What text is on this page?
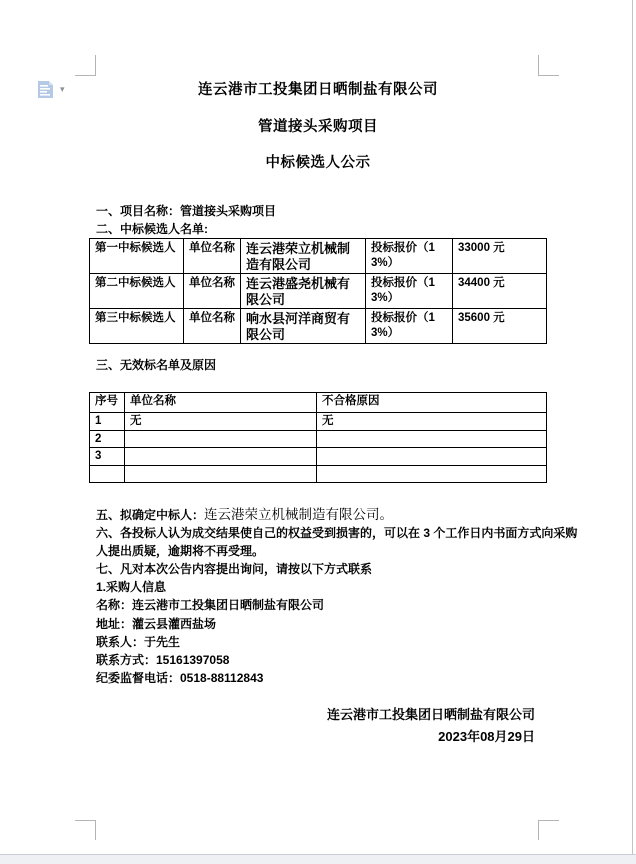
▾	连云港市工投集团日晒制盐有限公司
管道接头采购项目
中标候选人公示
一、项目名称：管道接头采购项目
二、中标候选人名单:
第一中标候选人	单位名称	连云港荣立机械制造有限公司	投标报价（13%）	33000 元
第二中标候选人	单位名称	连云港盛尧机械有限公司	投标报价（13%）	34400 元
第三中标候选人	单位名称	响水县河洋商贸有限公司	投标报价（13%）	35600 元
三、无效标名单及原因
序号	单位名称	不合格原因
1	无	无
2		
3		

五、拟确定中标人：连云港荣立机械制造有限公司。
六、各投标人认为成交结果使自己的权益受到损害的，可以在 3 个工作日内书面方式向采购
人提出质疑，逾期将不再受理。
七、凡对本次公告内容提出询问，请按以下方式联系
1.采购人信息
名称：连云港市工投集团日晒制盐有限公司
地址：灌云县灌西盐场
联系人：于先生
联系方式：15161397058
纪委监督电话：0518-88112843
连云港市工投集团日晒制盐有限公司
2023年08月29日
